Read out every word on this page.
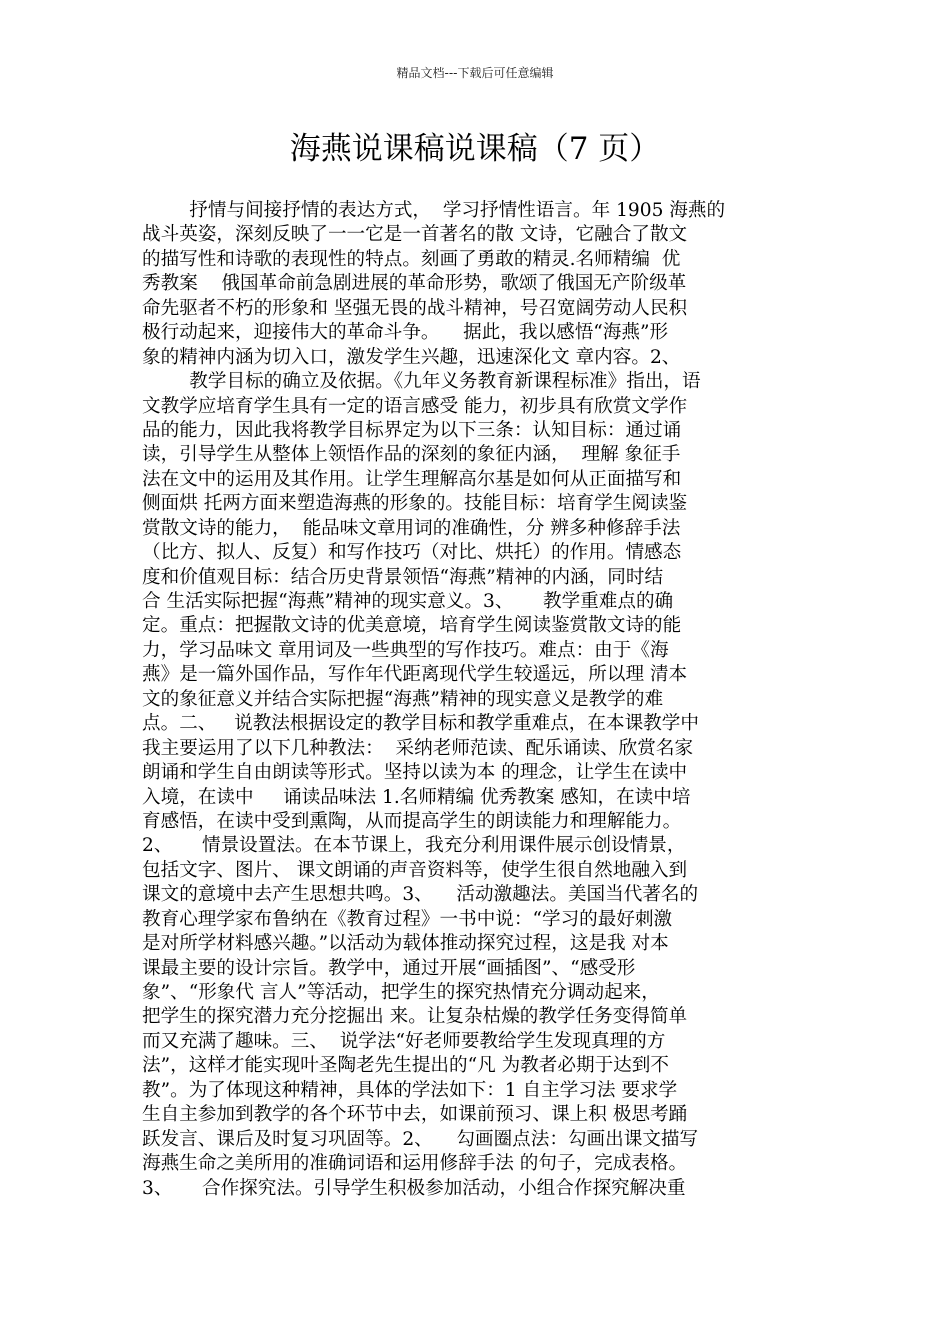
精品文档---下载后可任意编辑
海燕说课稿说课稿（7 页）
抒情与间接抒情的表达方式，  学习抒情性语言。年 1905 海燕的
战斗英姿，深刻反映了一一它是一首著名的散 文诗，它融合了散文
的描写性和诗歌的表现性的特点。刻画了勇敢的精灵.名师精编  优
秀教案    俄国革命前急剧进展的革命形势，歌颂了俄国无产阶级革
命先驱者不朽的形象和 坚强无畏的战斗精神，号召宽阔劳动人民积
极行动起来，迎接伟大的革命斗争。    据此，我以感悟“海燕”形
象的精神内涵为切入口，激发学生兴趣，迅速深化文 章内容。2、
教学目标的确立及依据。《九年义务教育新课程标准》指出，语
文教学应培育学生具有一定的语言感受 能力，初步具有欣赏文学作
品的能力，因此我将教学目标界定为以下三条：认知目标：通过诵
读，引导学生从整体上领悟作品的深刻的象征内涵，  理解 象征手
法在文中的运用及其作用。让学生理解高尔基是如何从正面描写和
侧面烘 托两方面来塑造海燕的形象的。技能目标：培育学生阅读鉴
赏散文诗的能力，  能品味文章用词的准确性，分 辨多种修辞手法
（比方、拟人、反复）和写作技巧（对比、烘托）的作用。情感态
度和价值观目标：结合历史背景领悟“海燕”精神的内涵，同时结
合 生活实际把握“海燕”精神的现实意义。3、     教学重难点的确
定。重点：把握散文诗的优美意境，培育学生阅读鉴赏散文诗的能
力，学习品味文 章用词及一些典型的写作技巧。难点：由于《海
燕》是一篇外国作品，写作年代距离现代学生较遥远，所以理 清本
文的象征意义并结合实际把握“海燕”精神的现实意义是教学的难
点。二、   说教法根据设定的教学目标和教学重难点，在本课教学中
我主要运用了以下几种教法：  采纳老师范读、配乐诵读、欣赏名家
朗诵和学生自由朗读等形式。坚持以读为本 的理念，让学生在读中
入境，在读中     诵读品味法 1.名师精编 优秀教案 感知，在读中培
育感悟，在读中受到熏陶，从而提高学生的朗读能力和理解能力。
2、     情景设置法。在本节课上，我充分利用课件展示创设情景，
包括文字、图片、 课文朗诵的声音资料等，使学生很自然地融入到
课文的意境中去产生思想共鸣。3、    活动激趣法。美国当代著名的
教育心理学家布鲁纳在《教育过程》一书中说：“学习的最好刺激
是对所学材料感兴趣。”以活动为载体推动探究过程，这是我 对本
课最主要的设计宗旨。教学中，通过开展“画插图”、“感受形
象”、“形象代 言人”等活动，把学生的探究热情充分调动起来，
把学生的探究潜力充分挖掘出 来。让复杂枯燥的教学任务变得简单
而又充满了趣味。三、  说学法“好老师要教给学生发现真理的方
法”，这样才能实现叶圣陶老先生提出的“凡 为教者必期于达到不
教”。为了体现这种精神，具体的学法如下：1 自主学习法 要求学
生自主参加到教学的各个环节中去，如课前预习、课上积 极思考踊
跃发言、课后及时复习巩固等。2、    勾画圈点法：勾画出课文描写
海燕生命之美所用的准确词语和运用修辞手法 的句子，完成表格。
3、     合作探究法。引导学生积极参加活动，小组合作探究解决重
